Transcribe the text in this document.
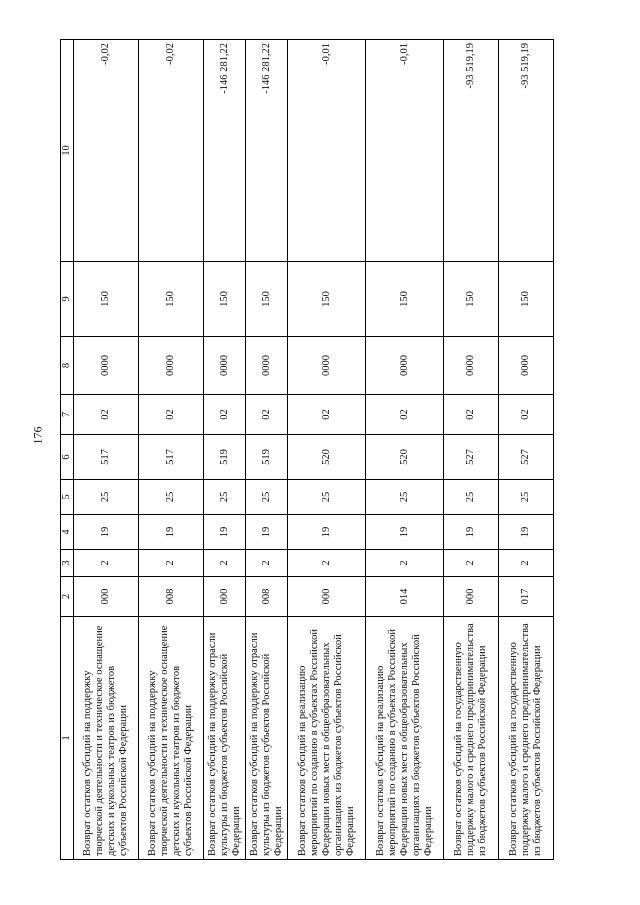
176
1	2	3	4	5	6	7	8	9	10
Возврат остатков субсидий на поддержку творческой деятельности и техническое оснащение детских и кукольных театров из бюджетов субъектов Российской Федерации	000	2	19	25	517	02	0000	150	-0,02
Возврат остатков субсидий на поддержку творческой деятельности и техническое оснащение детских и кукольных театров из бюджетов субъектов Российской Федерации	008	2	19	25	517	02	0000	150	-0,02
Возврат остатков субсидий на поддержку отрасли культуры из бюджетов субъектов Российской Федерации	000	2	19	25	519	02	0000	150	-146 281,22
Возврат остатков субсидий на поддержку отрасли культуры из бюджетов субъектов Российской Федерации	008	2	19	25	519	02	0000	150	-146 281,22
Возврат остатков субсидий на реализацию мероприятий по созданию в субъектах Российской Федерации новых мест в общеобразовательных организациях из бюджетов субъектов Российской Федерации	000	2	19	25	520	02	0000	150	-0,01
Возврат остатков субсидий на реализацию мероприятий по созданию в субъектах Российской Федерации новых мест в общеобразовательных организациях из бюджетов субъектов Российской Федерации	014	2	19	25	520	02	0000	150	-0,01
Возврат остатков субсидий на государственную поддержку малого и среднего предпринимательства из бюджетов субъектов Российской Федерации	000	2	19	25	527	02	0000	150	-93 519,19
Возврат остатков субсидий на государственную поддержку малого и среднего предпринимательства из бюджетов субъектов Российской Федерации	017	2	19	25	527	02	0000	150	-93 519,19
